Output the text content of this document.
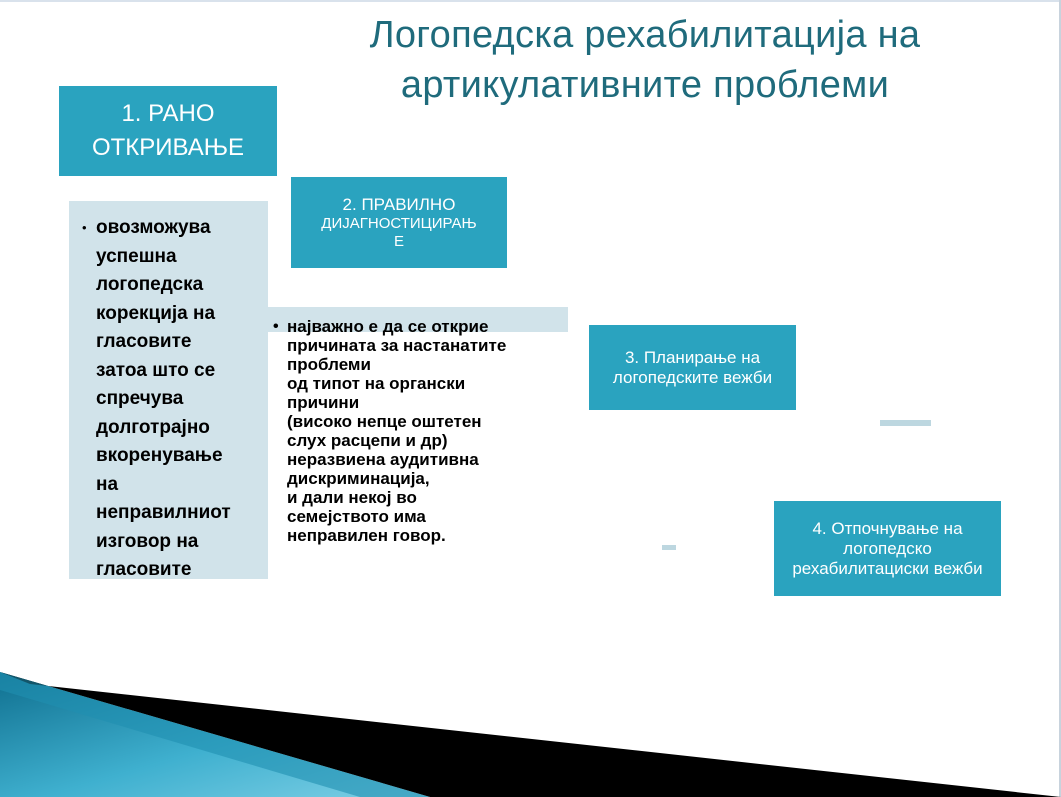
Логопедска рехабилитација на
артикулативните проблеми
1. РАНО ОТКРИВАЊЕ
2. ПРАВИЛНО
ДИЈАГНОСТИЦИРАЊ
Е
3. Планирање на логопедските вежби
4. Отпочнување на логопедско рехабилитациски вежби
• овозможува
успешна
логопедска
корекција на
гласовите
затоа што се
спречува
долготрајно
вкоренување
на
неправилниот
изговор на
гласовите
• најважно е да се открие
причината за настанатите
проблеми
од типот на органски
причини
(високо непце оштетен
слух расцепи и др)
неразвиена аудитивна
дискриминација,
и дали некој во
семејството има
неправилен говор.
